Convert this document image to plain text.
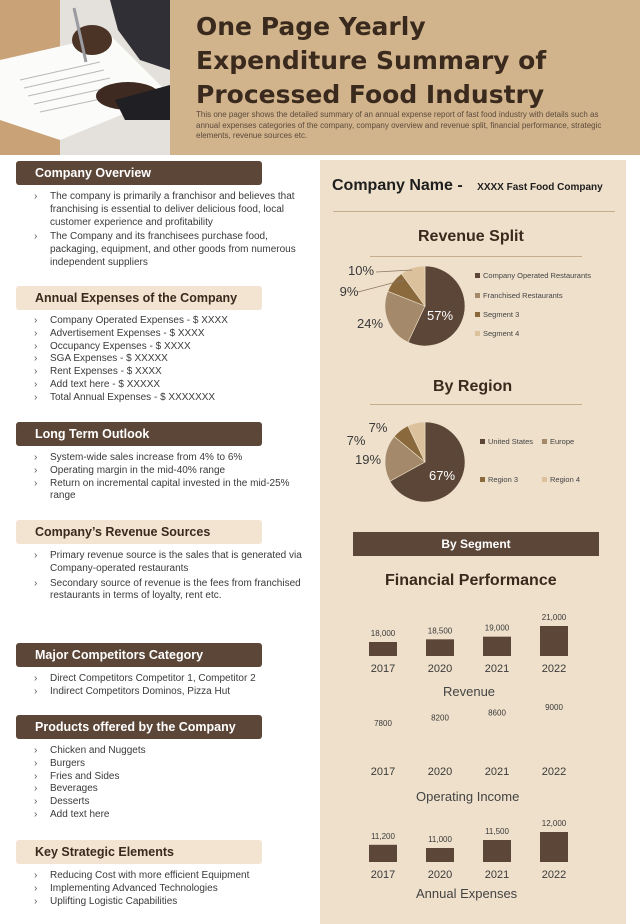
One Page Yearly
Expenditure Summary of
Processed Food Industry
This one pager shows the detailed summary of an annual expense report of fast food industry with details such as annual expenses categories of the company, company overview and revenue split, financial performance, strategic elements, revenue sources etc.
Company Overview
› The company is primarily a franchisor and believes that franchising is essential to deliver delicious food, local customer experience and profitability
› The Company and its franchisees purchase food, packaging, equipment, and other goods from numerous independent suppliers
Annual Expenses of the Company
› Company Operated Expenses - $ XXXX
› Advertisement Expenses - $ XXXX
› Occupancy Expenses - $ XXXX
› SGA Expenses - $ XXXXX
› Rent Expenses - $ XXXX
› Add text here - $ XXXXX
› Total Annual Expenses - $ XXXXXXX
Long Term Outlook
› System-wide sales increase from 4% to 6%
› Operating margin in the mid-40% range
› Return on incremental capital invested in the mid-25% range
Company’s Revenue Sources
› Primary revenue source is the sales that is generated via Company-operated restaurants
› Secondary source of revenue is the fees from franchised restaurants in terms of loyalty, rent etc.
Major Competitors Category
› Direct Competitors Competitor 1, Competitor 2
› Indirect Competitors Dominos, Pizza Hut
Products offered by the Company
› Chicken and Nuggets
› Burgers
› Fries and Sides
› Beverages
› Desserts
› Add text here
Key Strategic Elements
› Reducing Cost with more efficient Equipment
› Implementing Advanced Technologies
› Uplifting Logistic Capabilities
Company Name - XXXX Fast Food Company
Revenue Split
57%
24%
9%
10%	Company Operated Restaurants
Franchised Restaurants
Segment 3
Segment 4
By Region
67%
19%
7%
7%
United States Europe
Region 3	Region 4
By Segment
Financial Performance
18,000
2017
18,500
2020
19,000
2021
21,000
2022
Revenue
7800
2017
8200
2020
8600
2021
9000
2022
Operating Income
11,200
2017
11,000
2020
11,500
2021
12,000
2022
Annual Expenses
